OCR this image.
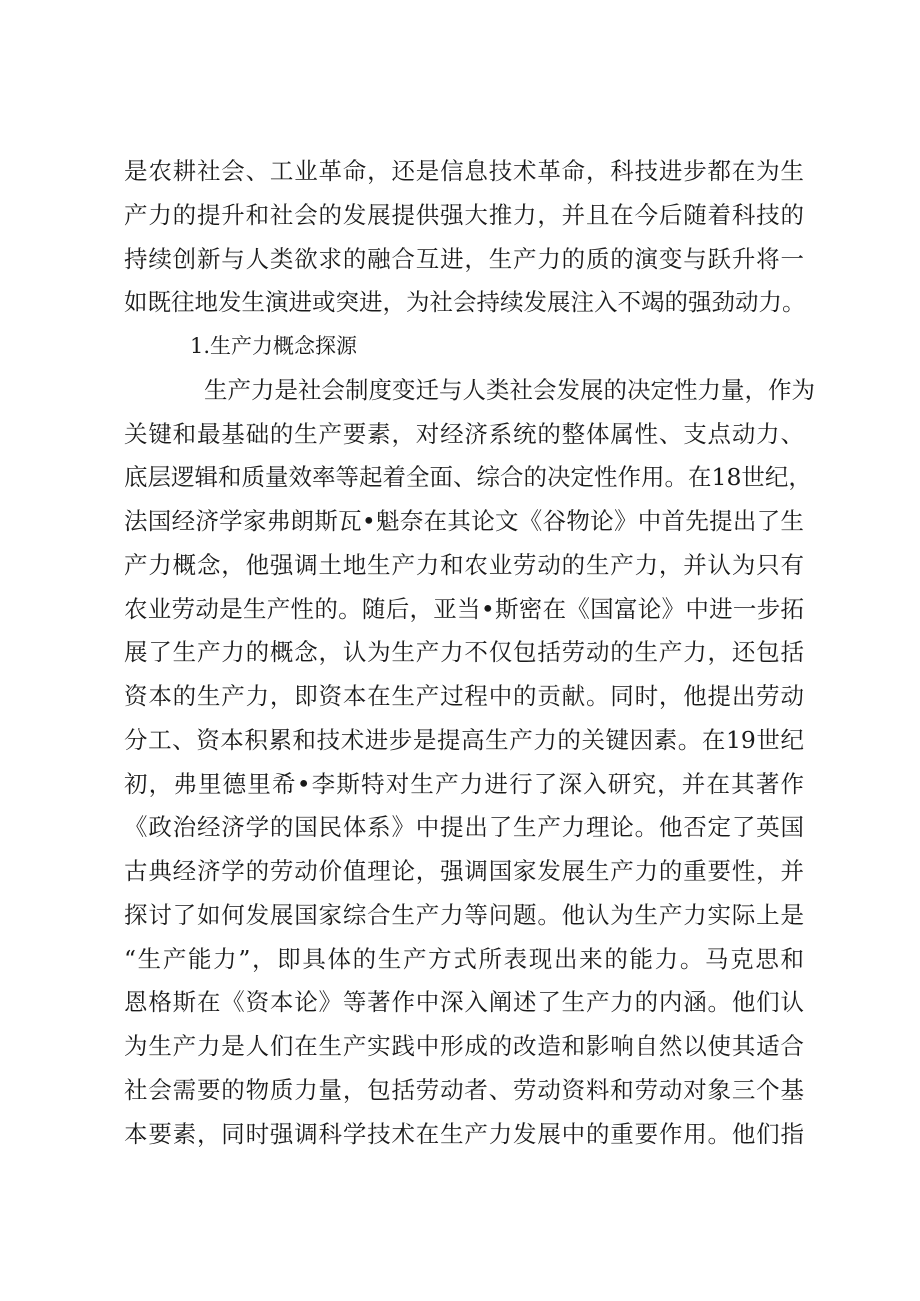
是农耕社会、工业革命，还是信息技术革命，科技进步都在为生
产力的提升和社会的发展提供强大推力，并且在今后随着科技的
持续创新与人类欲求的融合互进，生产力的质的演变与跃升将一
如既往地发生演进或突进，为社会持续发展注入不竭的强劲动力。
1.生产力概念探源
生产力是社会制度变迁与人类社会发展的决定性力量，作为
关键和最基础的生产要素，对经济系统的整体属性、支点动力、
底层逻辑和质量效率等起着全面、综合的决定性作用。在18世纪，
法国经济学家弗朗斯瓦•魁奈在其论文《谷物论》中首先提出了生
产力概念，他强调土地生产力和农业劳动的生产力，并认为只有
农业劳动是生产性的。随后，亚当•斯密在《国富论》中进一步拓
展了生产力的概念，认为生产力不仅包括劳动的生产力，还包括
资本的生产力，即资本在生产过程中的贡献。同时，他提出劳动
分工、资本积累和技术进步是提高生产力的关键因素。在19世纪
初，弗里德里希•李斯特对生产力进行了深入研究，并在其著作
《政治经济学的国民体系》中提出了生产力理论。他否定了英国
古典经济学的劳动价值理论，强调国家发展生产力的重要性，并
探讨了如何发展国家综合生产力等问题。他认为生产力实际上是
“生产能力”，即具体的生产方式所表现出来的能力。马克思和
恩格斯在《资本论》等著作中深入阐述了生产力的内涵。他们认
为生产力是人们在生产实践中形成的改造和影响自然以使其适合
社会需要的物质力量，包括劳动者、劳动资料和劳动对象三个基
本要素，同时强调科学技术在生产力发展中的重要作用。他们指
